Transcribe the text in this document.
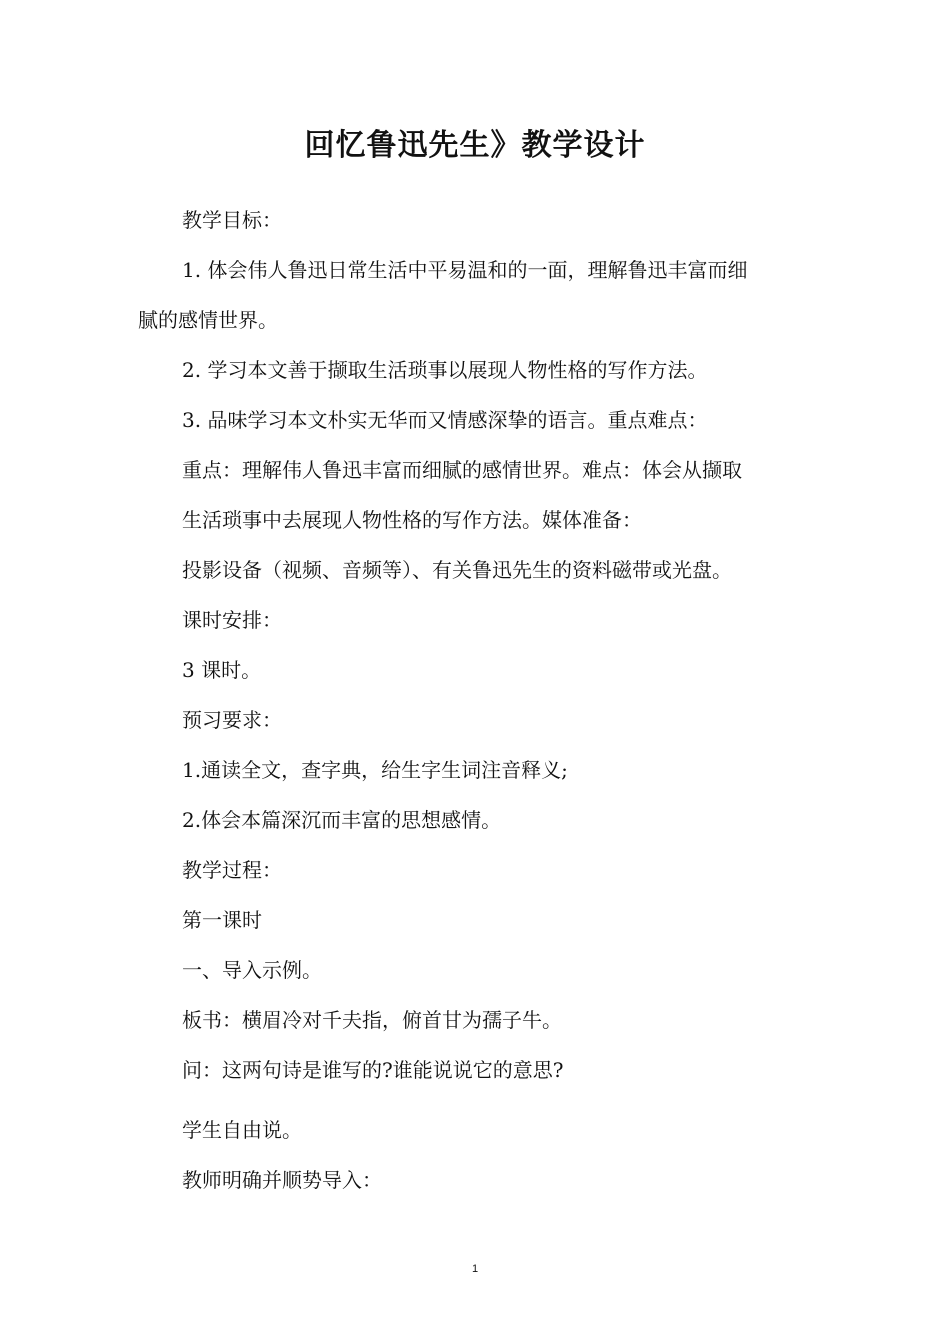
回忆鲁迅先生》教学设计
教学目标：
1. 体会伟人鲁迅日常生活中平易温和的一面，理解鲁迅丰富而细
腻的感情世界。
2. 学习本文善于撷取生活琐事以展现人物性格的写作方法。
3. 品味学习本文朴实无华而又情感深挚的语言。重点难点：
重点：理解伟人鲁迅丰富而细腻的感情世界。难点：体会从撷取
生活琐事中去展现人物性格的写作方法。媒体准备：
投影设备（视频、音频等）、有关鲁迅先生的资料磁带或光盘。
课时安排：
3 课时。
预习要求：
1.通读全文，查字典，给生字生词注音释义;
2.体会本篇深沉而丰富的思想感情。
教学过程：
第一课时
一、导入示例。
板书：横眉冷对千夫指，俯首甘为孺子牛。
问：这两句诗是谁写的?谁能说说它的意思?
学生自由说。
教师明确并顺势导入：
1
